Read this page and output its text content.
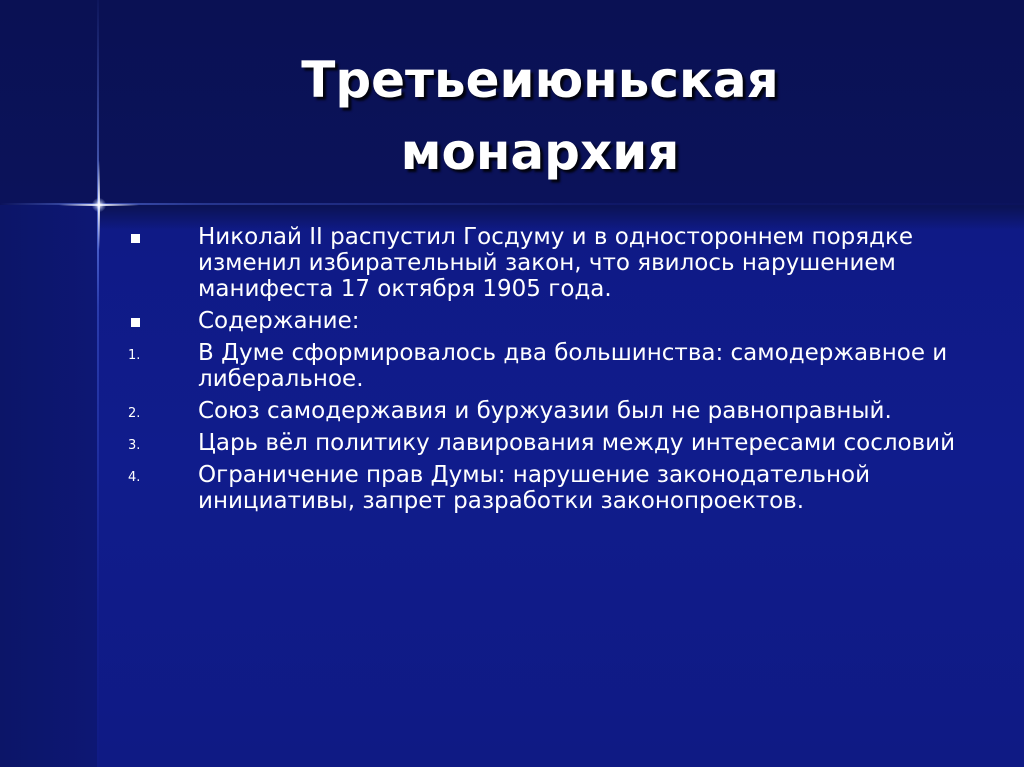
Третьеиюньская
монархия
Николай II распустил Госдуму и в одностороннем порядке изменил избирательный закон, что явилось нарушением манифеста 17 октября 1905 года.
Содержание:
1.	В Думе сформировалось два большинства: самодержавное и либеральное.
2.	Союз самодержавия и буржуазии был не равноправный.
3.	Царь вёл политику лавирования между интересами сословий
4.	Ограничение прав Думы: нарушение законодательной инициативы, запрет разработки законопроектов.
